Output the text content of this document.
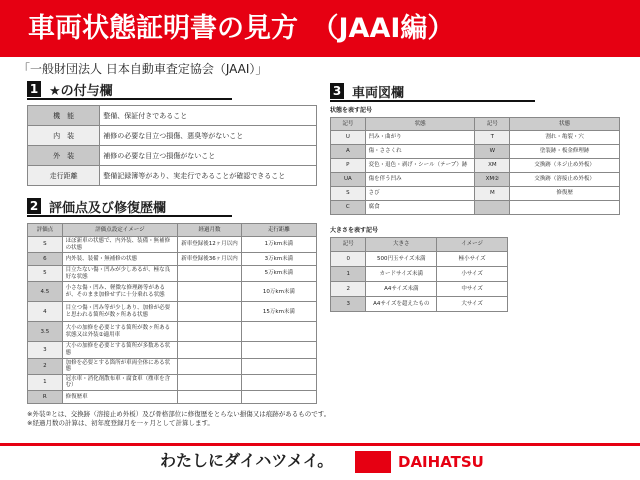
車両状態証明書の見方　（JAAI編）
「一般財団法人 日本自動車査定協会（JAAI）」
1 ★の付与欄
機　能	整備、保証付きであること
内　装	補修の必要な目立つ損傷、悪臭等がないこと
外　装	補修の必要な目立つ損傷がないこと
走行距離	整備記録簿等があり、実走行であることが確認できること
2 評価点及び修復歴欄
評価点	評価点設定イメージ	経過月数	走行距離
S	ほぼ新車の状態で、内外装、装備・無補修の状態	新車登録後12ヶ月以内	1万km未満
6	内外装、装備・無補修の状態	新車登録後36ヶ月以内	3万km未満
5	目立たない傷・凹みが少しあるが、極な良好な状態		5万km未満
4.5	小さな傷・凹み、軽微な修理跡等があるが、そのまま加修せずに十分乗れる状態		10万km未満
4	目立つ傷・凹み等が少しあり、加修が必要と思われる箇所が数ヶ所ある状態		15万km未満
3.5	大小の加修を必要とする箇所が数ヶ所ある状態又は外装②適用車		
3	大小の加修を必要とする箇所が多数ある状態		
2	加修を必要とする箇所が車両全体にある状態		
1	冠水車・消化剤散布車・腐食車（塵車を含む）		
R	修復歴車		
※外装②とは、交換跡（溶接止め外板）及び骨格部位に修復歴をとらない損傷又は痕跡があるものです。
※経過月数の計算は、初年度登録月を一ヶ月として計算します。
3 車両図欄
状態を表す記号
記号	状態	記号	状態
U	凹み・曲がり	T	割れ・亀裂・穴
A	傷・ささくれ	W	塗装跡・板金修理跡
P	変色・退色・剥げ・シール（テープ）跡	XM	交換跡（ネジ止め外板）
UA	傷を伴う凹み	XM②	交換跡（溶接止め外板）
S	さび	M	修復歴
C	腐食		
大きさを表す記号
記号	大きさ	イメージ
0	500円玉サイズ未満	極小サイズ
1	カードサイズ未満	小サイズ
2	A4サイズ未満	中サイズ
3	A4サイズを超えたもの	大サイズ
わたしにダイハツメイ。	DAIHATSU
